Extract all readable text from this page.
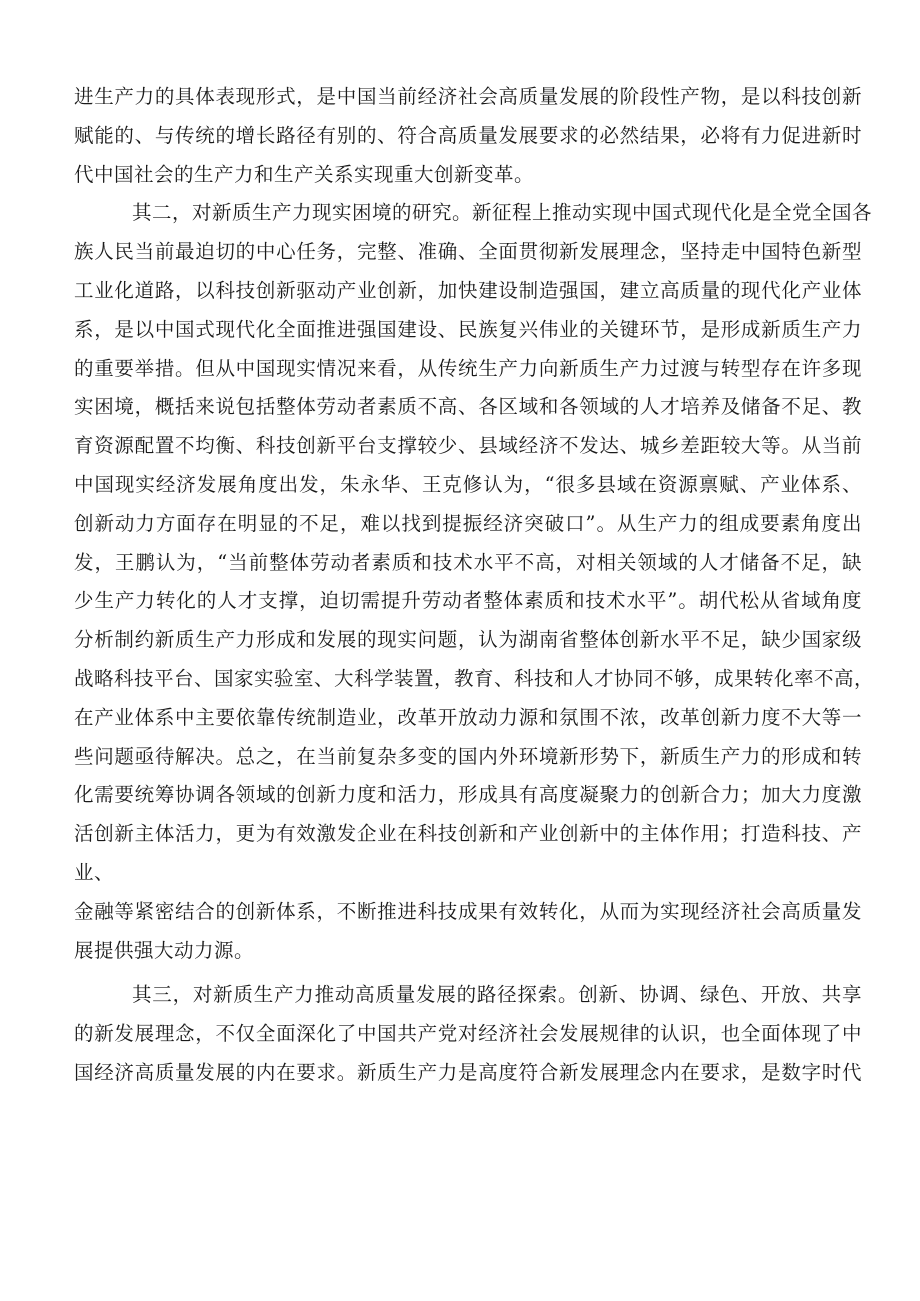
进生产力的具体表现形式，是中国当前经济社会高质量发展的阶段性产物，是以科技创新
赋能的、与传统的增长路径有别的、符合高质量发展要求的必然结果，必将有力促进新时
代中国社会的生产力和生产关系实现重大创新变革。
其二，对新质生产力现实困境的研究。新征程上推动实现中国式现代化是全党全国各
族人民当前最迫切的中心任务，完整、准确、全面贯彻新发展理念，坚持走中国特色新型
工业化道路，以科技创新驱动产业创新，加快建设制造强国，建立高质量的现代化产业体
系，是以中国式现代化全面推进强国建设、民族复兴伟业的关键环节，是形成新质生产力
的重要举措。但从中国现实情况来看，从传统生产力向新质生产力过渡与转型存在许多现
实困境，概括来说包括整体劳动者素质不高、各区域和各领域的人才培养及储备不足、教
育资源配置不均衡、科技创新平台支撑较少、县域经济不发达、城乡差距较大等。从当前
中国现实经济发展角度出发，朱永华、王克修认为，“很多县域在资源禀赋、产业体系、
创新动力方面存在明显的不足，难以找到提振经济突破口”。从生产力的组成要素角度出
发，王鹏认为，“当前整体劳动者素质和技术水平不高，对相关领域的人才储备不足，缺
少生产力转化的人才支撑，迫切需提升劳动者整体素质和技术水平”。胡代松从省域角度
分析制约新质生产力形成和发展的现实问题，认为湖南省整体创新水平不足，缺少国家级
战略科技平台、国家实验室、大科学装置，教育、科技和人才协同不够，成果转化率不高，
在产业体系中主要依靠传统制造业，改革开放动力源和氛围不浓，改革创新力度不大等一
些问题亟待解决。总之，在当前复杂多变的国内外环境新形势下，新质生产力的形成和转
化需要统筹协调各领域的创新力度和活力，形成具有高度凝聚力的创新合力；加大力度激
活创新主体活力，更为有效激发企业在科技创新和产业创新中的主体作用；打造科技、产
业、
金融等紧密结合的创新体系，不断推进科技成果有效转化，从而为实现经济社会高质量发
展提供强大动力源。
其三，对新质生产力推动高质量发展的路径探索。创新、协调、绿色、开放、共享
的新发展理念，不仅全面深化了中国共产党对经济社会发展规律的认识，也全面体现了中
国经济高质量发展的内在要求。新质生产力是高度符合新发展理念内在要求，是数字时代
